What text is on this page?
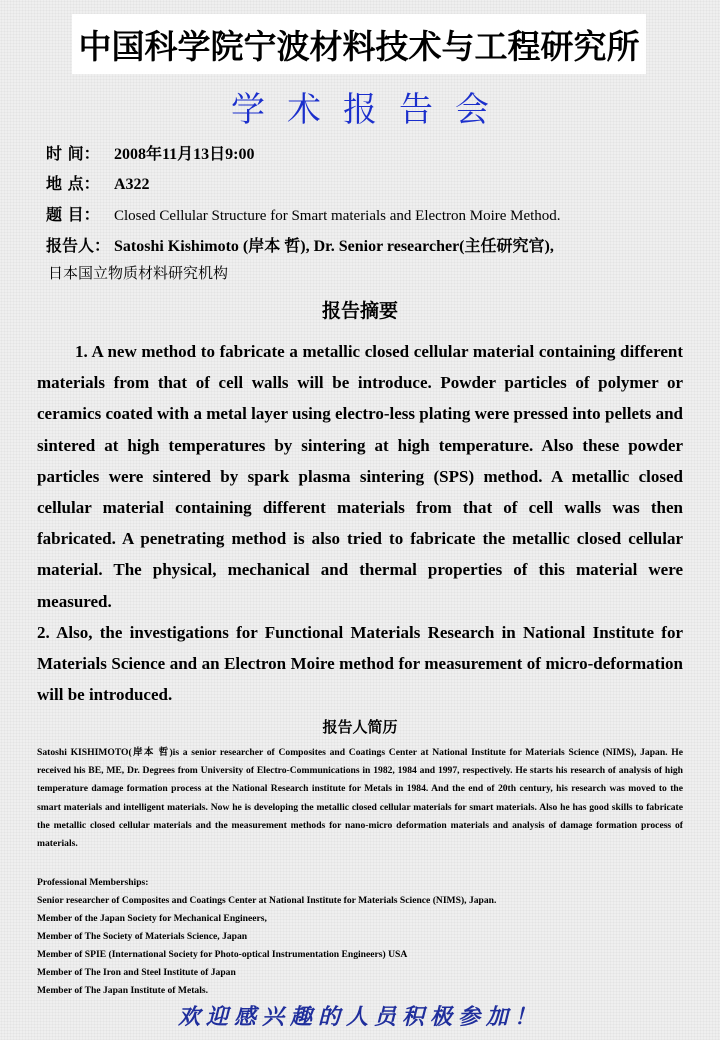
中国科学院宁波材料技术与工程研究所
学术报告会
时 间： 2008年11月13日9:00
地 点： A322
题 目： Closed Cellular Structure for Smart materials and Electron Moire Method.
报告人： Satoshi Kishimoto (岸本 哲), Dr. Senior researcher(主任研究官),
日本国立物质材料研究机构
报告摘要

1. A new method to fabricate a metallic closed cellular material containing different materials from that of cell walls will be introduce. Powder particles of polymer or ceramics coated with a metal layer using electro-less plating were pressed into pellets and sintered at high temperatures by sintering at high temperature. Also these powder particles were sintered by spark plasma sintering (SPS) method. A metallic closed cellular material containing different materials from that of cell walls was then fabricated. A penetrating method is also tried to fabricate the metallic closed cellular material. The physical, mechanical and thermal properties of this material were measured.

2. Also, the investigations for Functional Materials Research in National Institute for Materials Science and an Electron Moire method for measurement of micro-deformation will be introduced.

报告人简历
Satoshi KISHIMOTO(岸本 哲)is a senior researcher of Composites and Coatings Center at National Institute for Materials Science (NIMS), Japan. He received his BE, ME, Dr. Degrees from University of Electro-Communications in 1982, 1984 and 1997, respectively. He starts his research of analysis of high temperature damage formation process at the National Research institute for Metals in 1984. And the end of 20th century, his research was moved to the smart materials and intelligent materials. Now he is developing the metallic closed cellular materials for smart materials. Also he has good skills to fabricate the metallic closed cellular materials and the measurement methods for nano-micro deformation materials and analysis of damage formation process of materials.
Professional Memberships:
Senior researcher of Composites and Coatings Center at National Institute for Materials Science (NIMS), Japan.
Member of the Japan Society for Mechanical Engineers,
Member of The Society of Materials Science, Japan
Member of SPIE (International Society for Photo-optical Instrumentation Engineers) USA
Member of The Iron and Steel Institute of Japan
Member of The Japan Institute of Metals.
欢迎感兴趣的人员积极参加！
